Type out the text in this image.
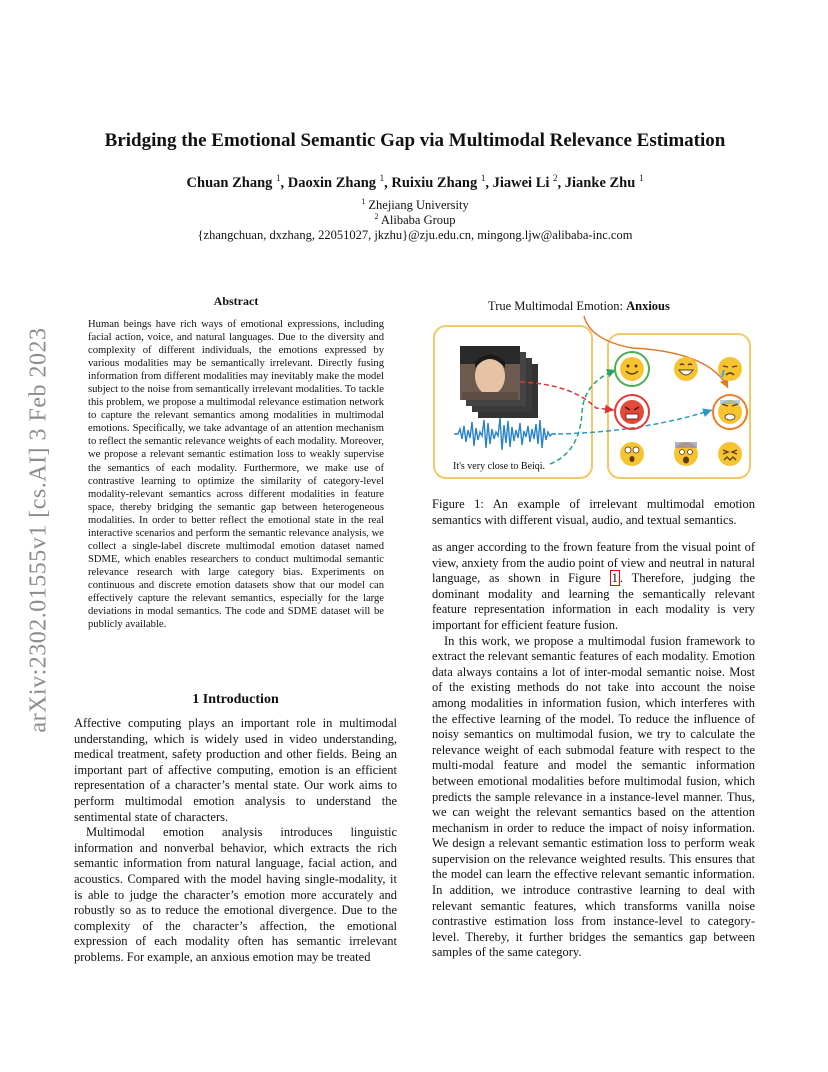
arXiv:2302.01555v1 [cs.AI] 3 Feb 2023
Bridging the Emotional Semantic Gap via Multimodal Relevance Estimation
Chuan Zhang $^1$, Daoxin Zhang $^1$, Ruixiu Zhang $^1$, Jiawei Li $^2$, Jianke Zhu $^1$
$^1$ Zhejiang University
$^2$ Alibaba Group
{zhangchuan, dxzhang, 22051027, jkzhu}@zju.edu.cn, mingong.ljw@alibaba-inc.com
Abstract
Human beings have rich ways of emotional expressions, including facial action, voice, and natural languages. Due to the diversity and complexity of different individuals, the emotions expressed by various modalities may be semantically irrelevant. Directly fusing information from different modalities may inevitably make the model subject to the noise from semantically irrelevant modalities. To tackle this problem, we propose a multimodal relevance estimation network to capture the relevant semantics among modalities in multimodal emotions. Specifically, we take advantage of an attention mechanism to reflect the semantic relevance weights of each modality. Moreover, we propose a relevant semantic estimation loss to weakly supervise the semantics of each modality. Furthermore, we make use of contrastive learning to optimize the similarity of category-level modality-relevant semantics across different modalities in feature space, thereby bridging the semantic gap between heterogeneous modalities. In order to better reflect the emotional state in the real interactive scenarios and perform the semantic relevance analysis, we collect a single-label discrete multimodal emotion dataset named SDME, which enables researchers to conduct multimodal semantic relevance research with large category bias. Experiments on continuous and discrete emotion datasets show that our model can effectively capture the relevant semantics, especially for the large deviations in modal semantics. The code and SDME dataset will be publicly available.
1 Introduction

Affective computing plays an important role in multimodal understanding, which is widely used in video understanding, medical treatment, safety production and other fields. Being an important part of affective computing, emotion is an efficient representation of a character’s mental state. Our work aims to perform multimodal emotion analysis to understand the sentimental state of characters.

Multimodal emotion analysis introduces linguistic information and nonverbal behavior, which extracts the rich semantic information from natural language, facial action, and acoustics. Compared with the model having single-modality, it is able to judge the character’s emotion more accurately and robustly so as to reduce the emotional divergence. Due to the complexity of the character’s affection, the emotional expression of each modality often has semantic irrelevant problems. For example, an anxious emotion may be treated

True Multimodal Emotion: Anxious
It's very close to Beiqi.
Figure 1: An example of irrelevant multimodal emotion semantics with different visual, audio, and textual semantics.

as anger according to the frown feature from the visual point of view, anxiety from the audio point of view and neutral in natural language, as shown in Figure 1 . Therefore, judging the dominant modality and learning the semantically relevant feature representation information in each modality is very important for efficient feature fusion.

In this work, we propose a multimodal fusion framework to extract the relevant semantic features of each modality. Emotion data always contains a lot of inter-modal semantic noise. Most of the existing methods do not take into account the noise among modalities in information fusion, which interferes with the effective learning of the model. To reduce the influence of noisy semantics on multimodal fusion, we try to calculate the relevance weight of each submodal feature with respect to the multi-modal feature and model the semantic information between emotional modalities before multimodal fusion, which predicts the sample relevance in a instance-level manner. Thus, we can weight the relevant semantics based on the attention mechanism in order to reduce the impact of noisy information. We design a relevant semantic estimation loss to perform weak supervision on the relevance weighted results. This ensures that the model can learn the effective relevant semantic information. In addition, we introduce contrastive learning to deal with relevant semantic features, which transforms vanilla noise contrastive estimation loss from instance-level to category-level. Thereby, it further bridges the semantics gap between samples of the same category.
